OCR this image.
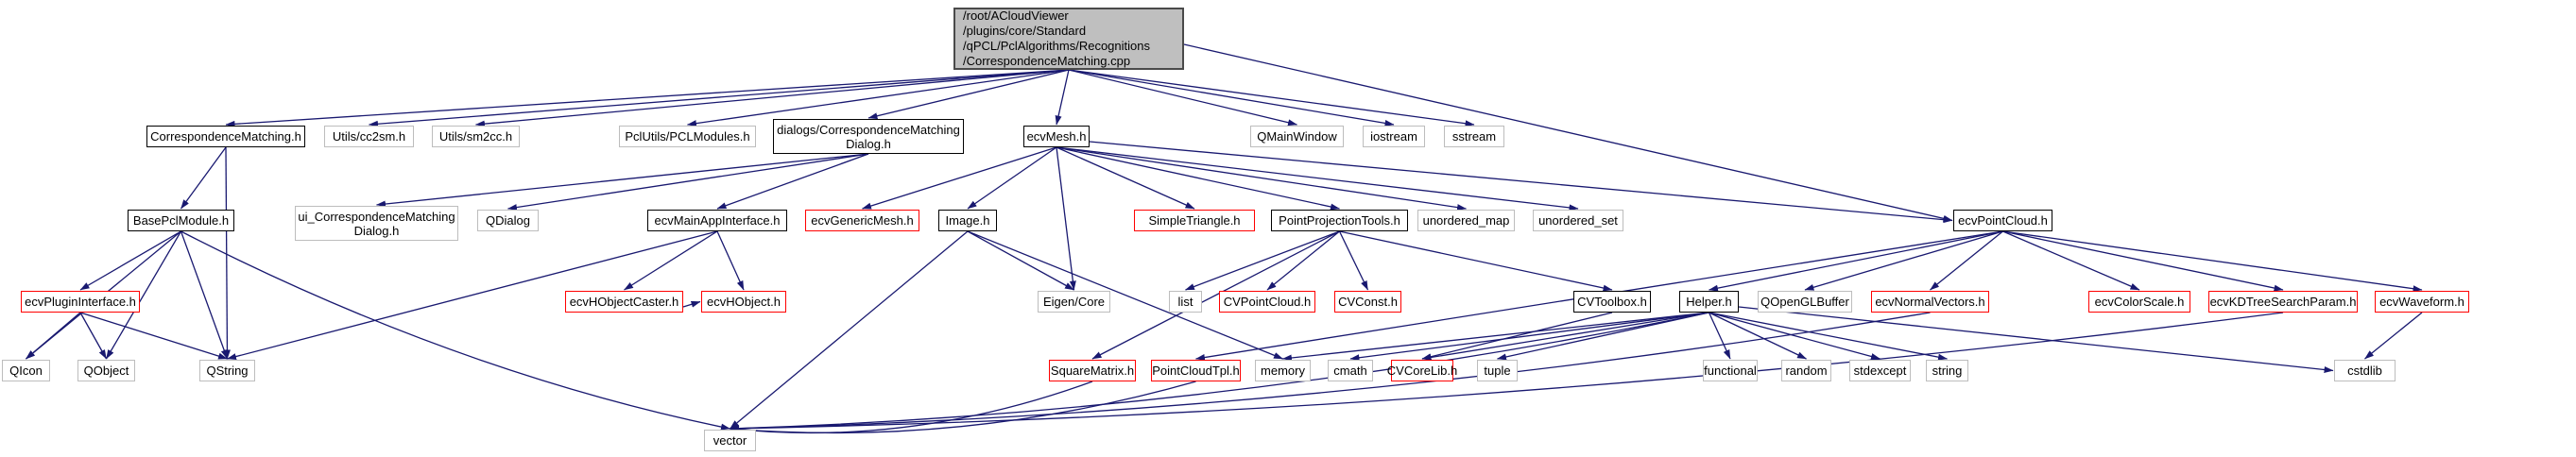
/root/ACloudViewer
/plugins/core/Standard
/qPCL/PclAlgorithms/Recognitions
/CorrespondenceMatching.cpp
CorrespondenceMatching.h	Utils/cc2sm.h	Utils/sm2cc.h	PclUtils/PCLModules.h dialogs/CorrespondenceMatching
Dialog.h	ecvMesh.h	QMainWindow	iostream	sstream
BasePclModule.h	ui_CorrespondenceMatching
Dialog.h
QDialog	ecvMainAppInterface.h	ecvGenericMesh.h	Image.h	SimpleTriangle.h	PointProjectionTools.h unordered_map unordered_set	ecvPointCloud.h
ecvPluginInterface.h	ecvHObjectCaster.h ecvHObject.h	Eigen/Core	list CVPointCloud.h CVConst.h	CVToolbox.h	Helper.h QOpenGLBuffer ecvNormalVectors.h	ecvColorScale.h ecvKDTreeSearchParam.h ecvWaveform.h
QIcon	QObject	QString	SquareMatrix.h PointCloudTpl.h memory cmath CVCoreLib.h tuple	functional random stdexcept string	cstdlib
vector
